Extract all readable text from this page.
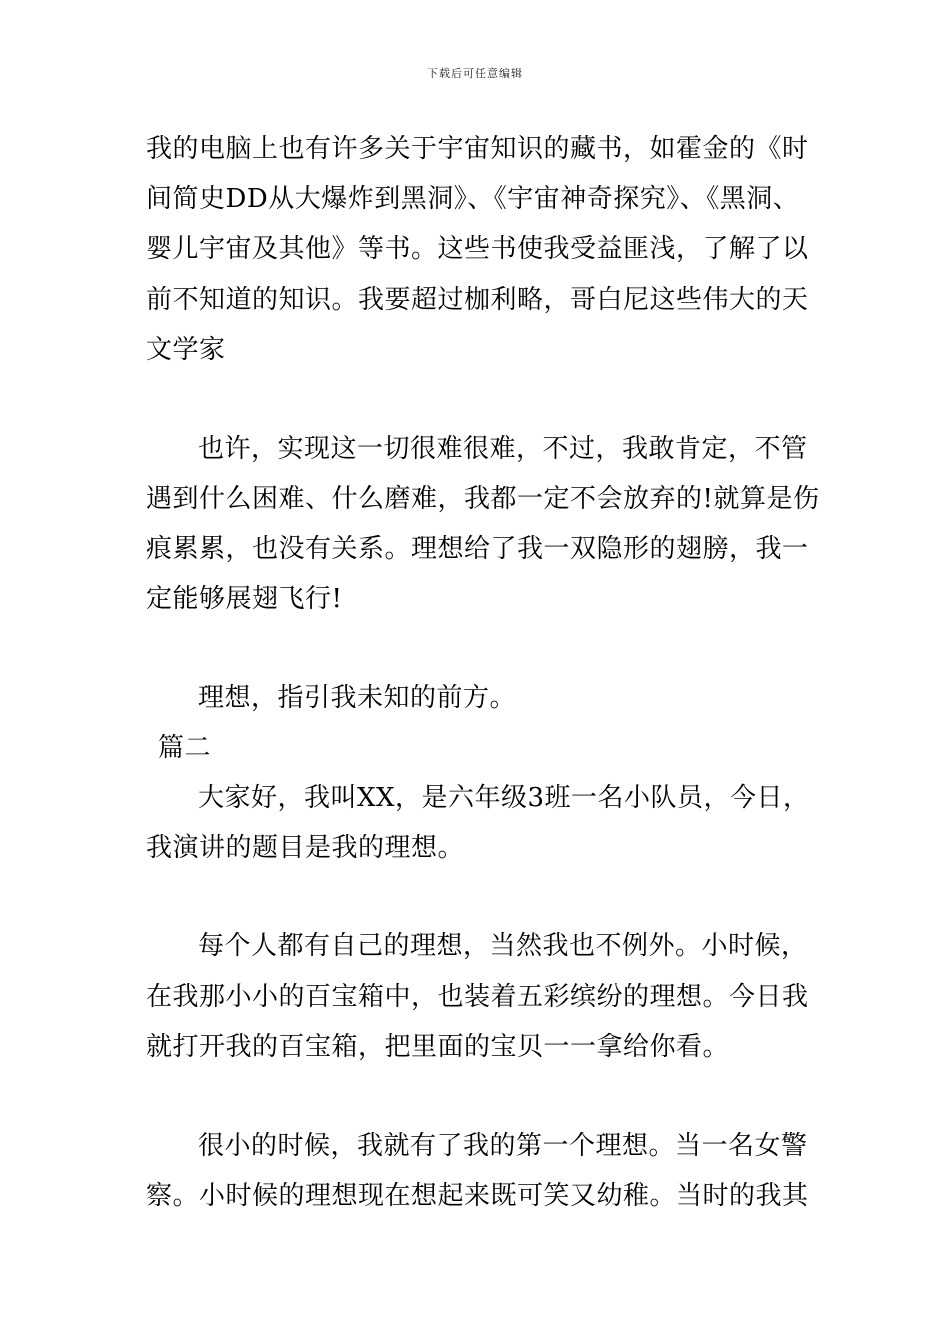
下载后可任意编辑
我的电脑上也有许多关于宇宙知识的藏书，如霍金的《时
间简史DD从大爆炸到黑洞》、《宇宙神奇探究》、《黑洞、
婴儿宇宙及其他》等书。这些书使我受益匪浅，了解了以
前不知道的知识。我要超过枷利略，哥白尼这些伟大的天
文学家
也许，实现这一切很难很难，不过，我敢肯定，不管
遇到什么困难、什么磨难，我都一定不会放弃的!就算是伤
痕累累，也没有关系。理想给了我一双隐形的翅膀，我一
定能够展翅飞行!
理想，指引我未知的前方。
篇二
大家好，我叫XX，是六年级3班一名小队员，今日，
我演讲的题目是我的理想。
每个人都有自己的理想，当然我也不例外。小时候，
在我那小小的百宝箱中，也装着五彩缤纷的理想。今日我
就打开我的百宝箱，把里面的宝贝一一拿给你看。
很小的时候，我就有了我的第一个理想。当一名女警
察。小时候的理想现在想起来既可笑又幼稚。当时的我其
